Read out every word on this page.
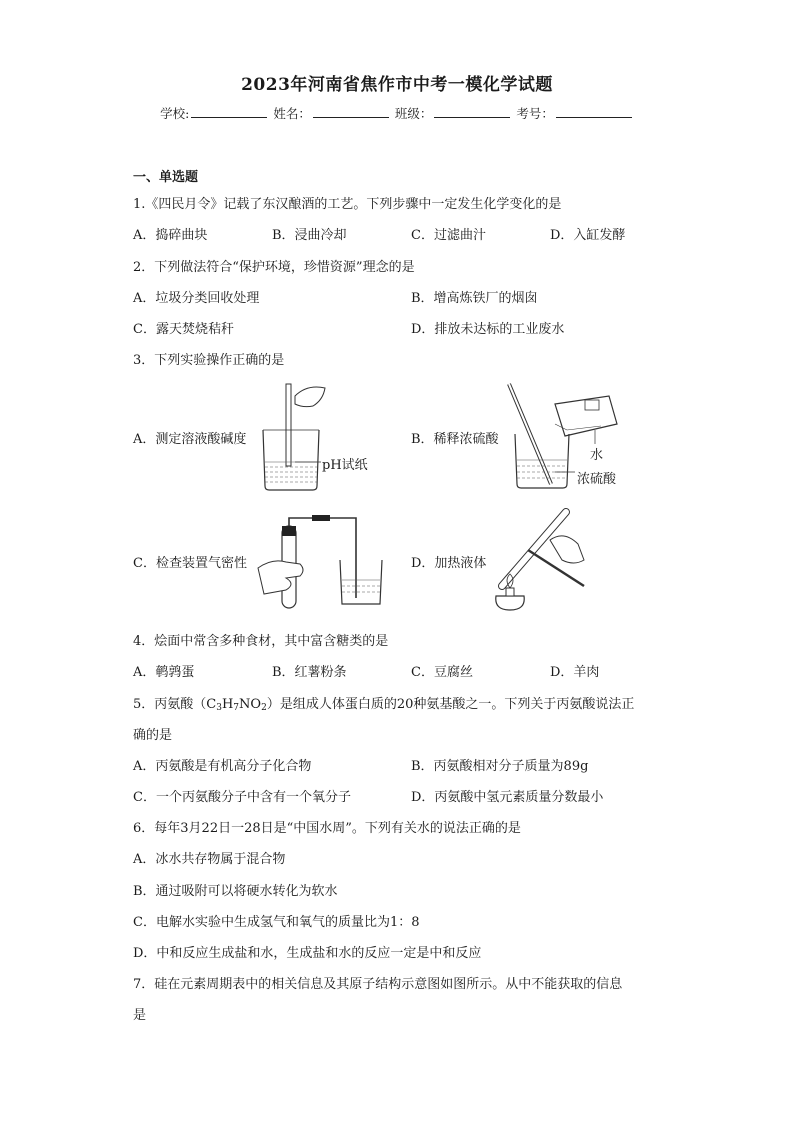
2023年河南省焦作市中考一模化学试题
学校:	姓名：	班级：	考号：
一、单选题
1.《四民月令》记载了东汉酿酒的工艺。下列步骤中一定发生化学变化的是
A．捣碎曲块	B．浸曲冷却	C．过滤曲汁	D．入缸发酵
2．下列做法符合“保护环境，珍惜资源”理念的是
A．垃圾分类回收处理	B．增高炼铁厂的烟囱
C．露天焚烧秸秆	D．排放未达标的工业废水
3．下列实验操作正确的是
A．测定溶液酸碱度
pH试纸
B．稀释浓硫酸
水
浓硫酸
C．检查装置气密性	D．加热液体
4．烩面中常含多种食材，其中富含糖类的是
A．鹌鹑蛋	B．红薯粉条	C．豆腐丝	D．羊肉
5．丙氨酸$(C_3H_7NO_2)$是组成人体蛋白质的20种氨基酸之一。下列关于丙氨酸说法正
确的是
A．丙氨酸是有机高分子化合物	B．丙氨酸相对分子质量为89g
C．一个丙氨酸分子中含有一个氧分子	D．丙氨酸中氢元素质量分数最小
6．每年3月22日一28日是“中国水周”。下列有关水的说法正确的是
A．冰水共存物属于混合物
B．通过吸附可以将硬水转化为软水
C．电解水实验中生成氢气和氧气的质量比为1：8
D．中和反应生成盐和水，生成盐和水的反应一定是中和反应
7．硅在元素周期表中的相关信息及其原子结构示意图如图所示。从中不能获取的信息
是
